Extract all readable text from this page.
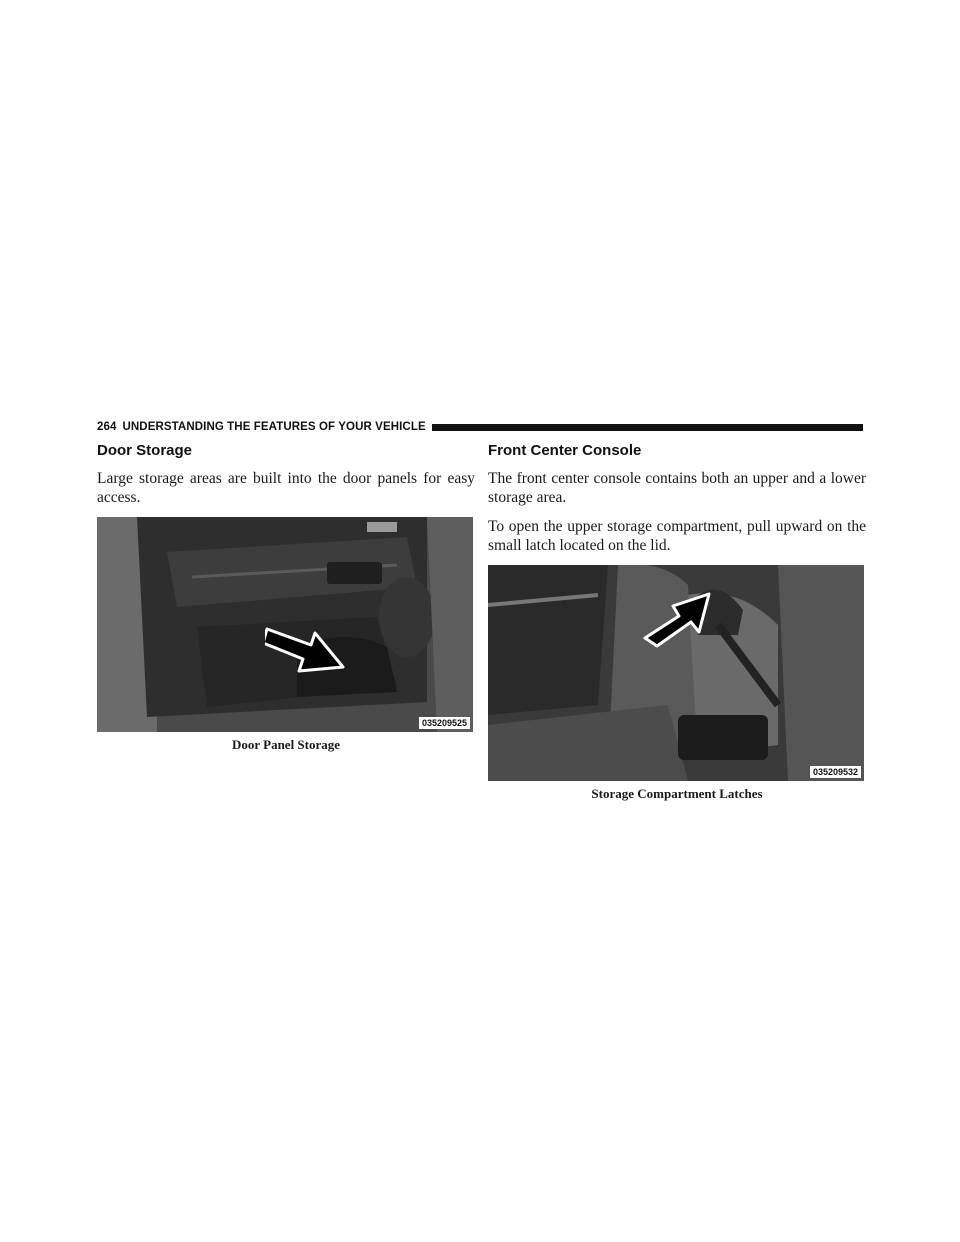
264 UNDERSTANDING THE FEATURES OF YOUR VEHICLE
Door Storage

Large storage areas are built into the door panels for easy access.

035209525
Door Panel Storage
Front Center Console

The front center console contains both an upper and a lower storage area.

To open the upper storage compartment, pull upward on the small latch located on the lid.

035209532
Storage Compartment Latches
